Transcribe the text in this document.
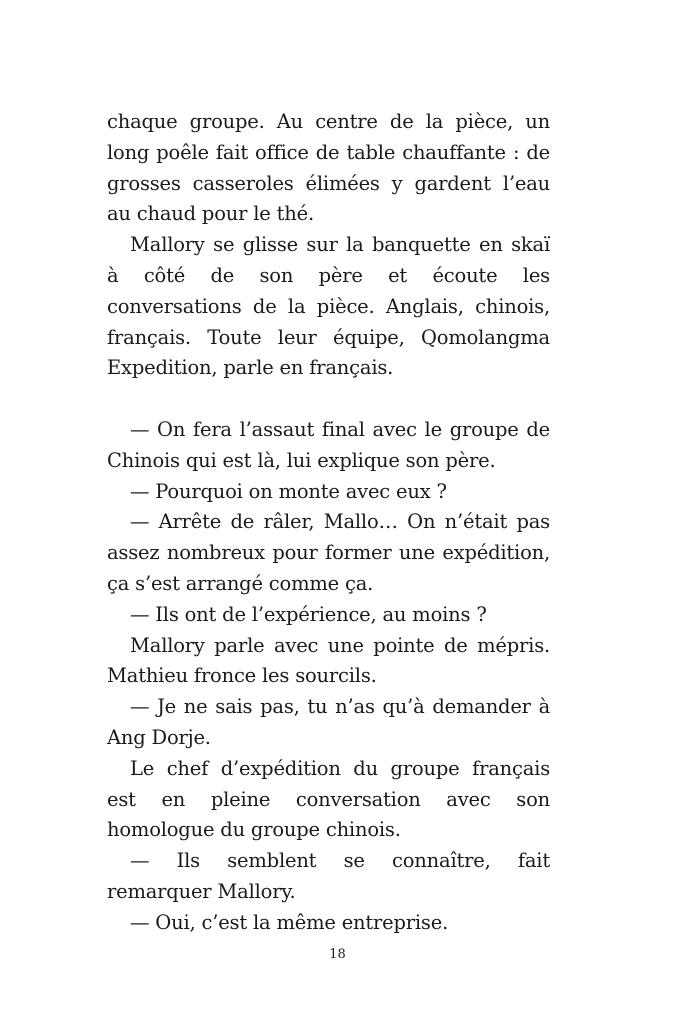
chaque groupe. Au centre de la pièce, un long poêle fait office de table chauffante : de grosses casseroles élimées y gardent l’eau au chaud pour le thé.

Mallory se glisse sur la banquette en skaï à côté de son père et écoute les conversations de la pièce. Anglais, chinois, français. Toute leur équipe, Qomolangma Expedition, parle en français.

— On fera l’assaut final avec le groupe de Chinois qui est là, lui explique son père.

— Pourquoi on monte avec eux ?

— Arrête de râler, Mallo… On n’était pas assez nombreux pour former une expédition, ça s’est arrangé comme ça.

— Ils ont de l’expérience, au moins ?

Mallory parle avec une pointe de mépris. Mathieu fronce les sourcils.

— Je ne sais pas, tu n’as qu’à demander à Ang Dorje.

Le chef d’expédition du groupe français est en pleine conversation avec son homologue du groupe chinois.

— Ils semblent se connaître, fait remarquer Mallory.

— Oui, c’est la même entreprise.

18
